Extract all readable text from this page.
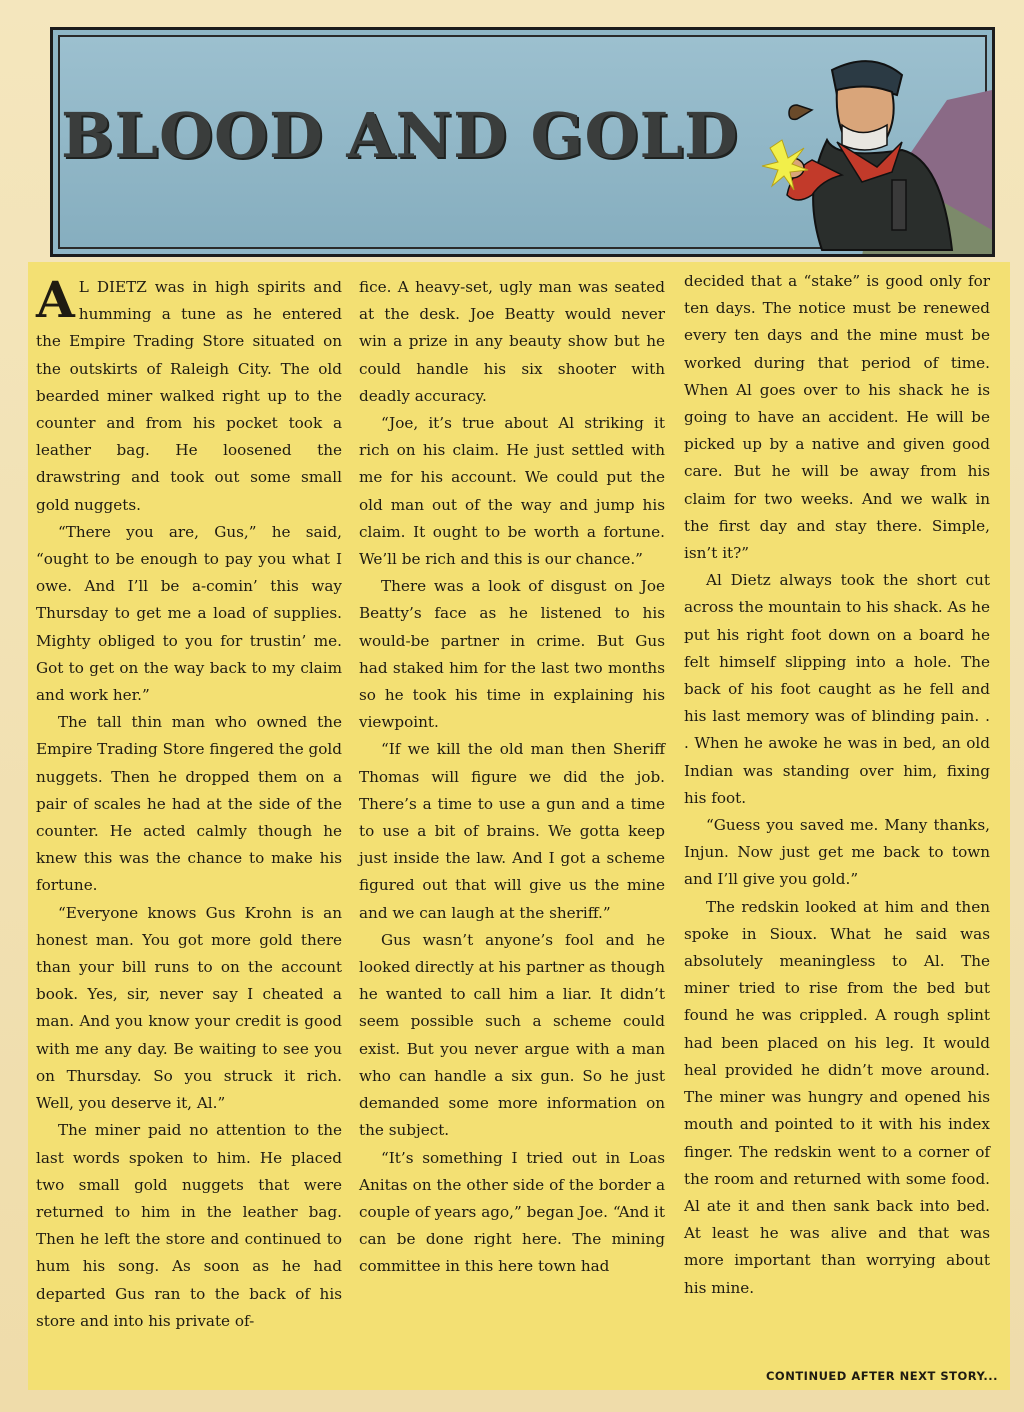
BLOOD AND GOLD

A L DIETZ was in high spirits and humming a tune as he entered the Empire Trading Store situated on the outskirts of Raleigh City. The old bearded miner walked right up to the counter and from his pocket took a leather bag. He loosened the drawstring and took out some small gold nuggets.

“There you are, Gus,” he said, “ought to be enough to pay you what I owe. And I’ll be a-comin’ this way Thursday to get me a load of supplies. Mighty obliged to you for trustin’ me. Got to get on the way back to my claim and work her.”

The tall thin man who owned the Empire Trading Store fingered the gold nuggets. Then he dropped them on a pair of scales he had at the side of the counter. He acted calmly though he knew this was the chance to make his fortune.

“Everyone knows Gus Krohn is an honest man. You got more gold there than your bill runs to on the account book. Yes, sir, never say I cheated a man. And you know your credit is good with me any day. Be waiting to see you on Thursday. So you struck it rich. Well, you deserve it, Al.”

The miner paid no attention to the last words spoken to him. He placed two small gold nuggets that were returned to him in the leather bag. Then he left the store and continued to hum his song. As soon as he had departed Gus ran to the back of his store and into his private of-

fice. A heavy-set, ugly man was seated at the desk. Joe Beatty would never win a prize in any beauty show but he could handle his six shooter with deadly accuracy.

“Joe, it’s true about Al striking it rich on his claim. He just settled with me for his account. We could put the old man out of the way and jump his claim. It ought to be worth a fortune. We’ll be rich and this is our chance.”

There was a look of disgust on Joe Beatty’s face as he listened to his would-be partner in crime. But Gus had staked him for the last two months so he took his time in explaining his viewpoint.

“If we kill the old man then Sheriff Thomas will figure we did the job. There’s a time to use a gun and a time to use a bit of brains. We gotta keep just inside the law. And I got a scheme figured out that will give us the mine and we can laugh at the sheriff.”

Gus wasn’t anyone’s fool and he looked directly at his partner as though he wanted to call him a liar. It didn’t seem possible such a scheme could exist. But you never argue with a man who can handle a six gun. So he just demanded some more information on the subject.

“It’s something I tried out in Loas Anitas on the other side of the border a couple of years ago,” began Joe. “And it can be done right here. The mining committee in this here town had

decided that a “stake” is good only for ten days. The notice must be renewed every ten days and the mine must be worked during that period of time. When Al goes over to his shack he is going to have an accident. He will be picked up by a native and given good care. But he will be away from his claim for two weeks. And we walk in the first day and stay there. Simple, isn’t it?”

Al Dietz always took the short cut across the mountain to his shack. As he put his right foot down on a board he felt himself slipping into a hole. The back of his foot caught as he fell and his last memory was of blinding pain. . . When he awoke he was in bed, an old Indian was standing over him, fixing his foot.

“Guess you saved me. Many thanks, Injun. Now just get me back to town and I’ll give you gold.”

The redskin looked at him and then spoke in Sioux. What he said was absolutely meaningless to Al. The miner tried to rise from the bed but found he was crippled. A rough splint had been placed on his leg. It would heal provided he didn’t move around. The miner was hungry and opened his mouth and pointed to it with his index finger. The redskin went to a corner of the room and returned with some food. Al ate it and then sank back into bed. At least he was alive and that was more important than worrying about his mine.

CONTINUED AFTER NEXT STORY...
